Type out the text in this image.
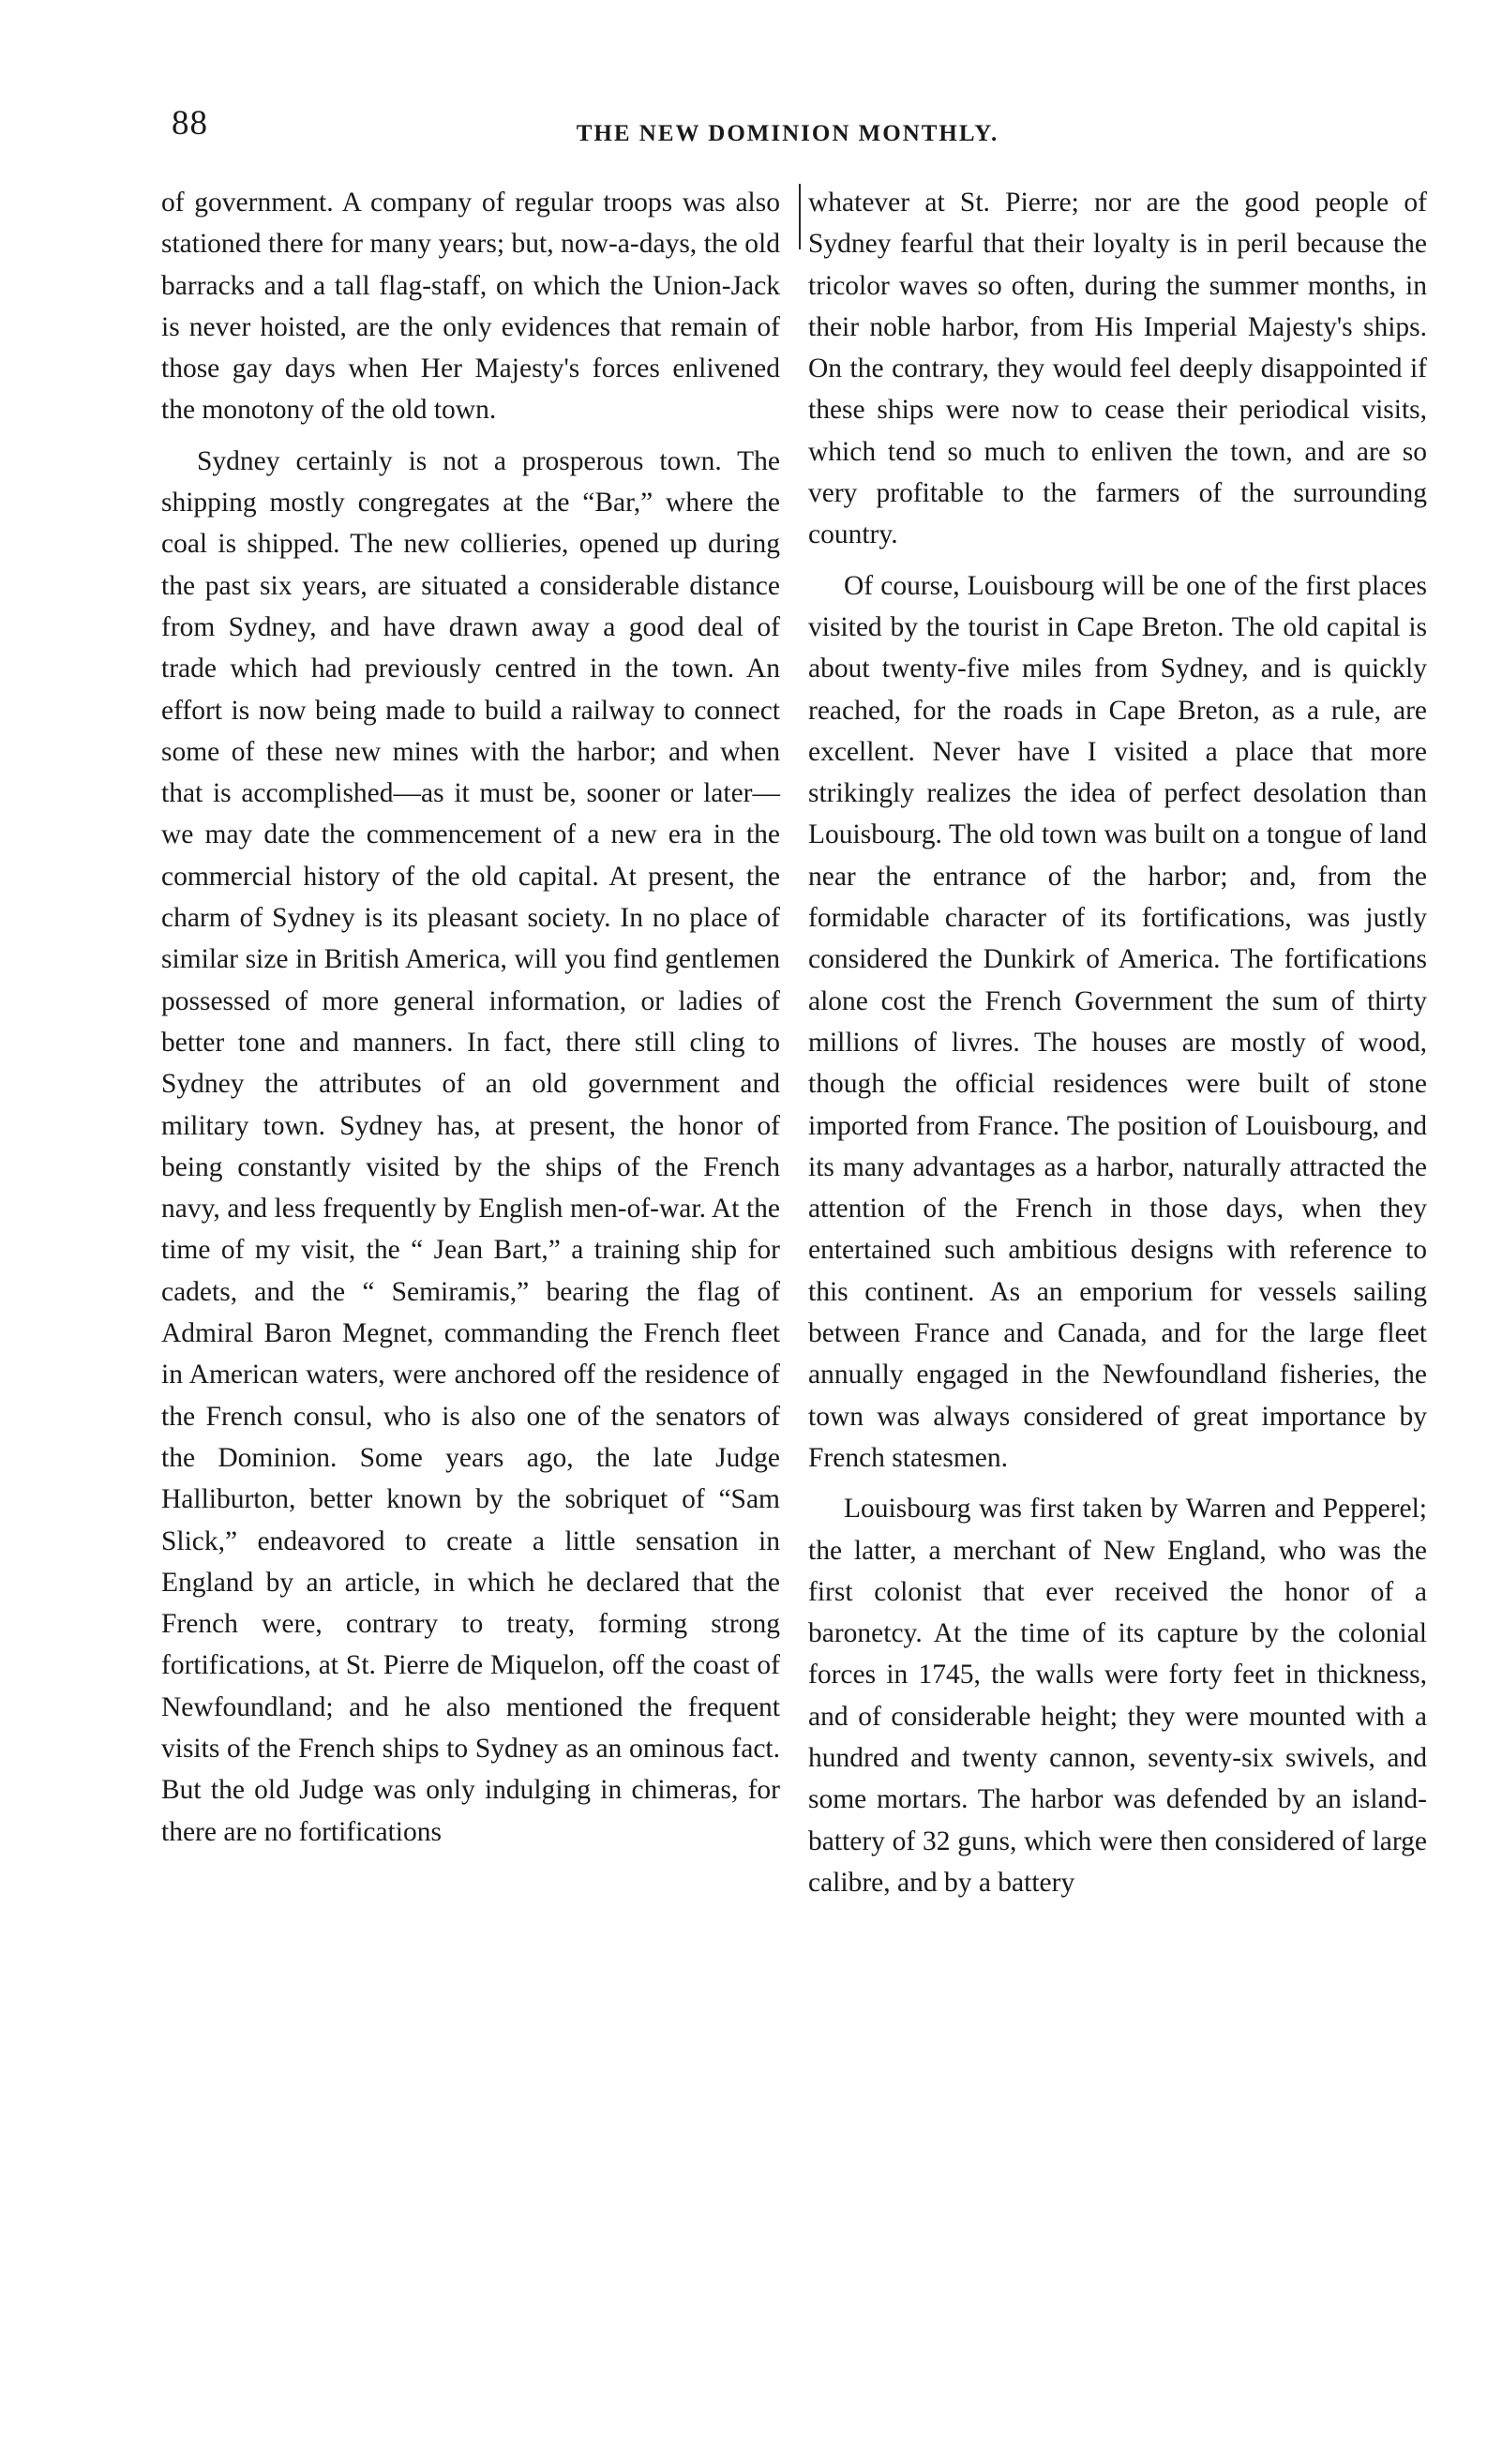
88	THE NEW DOMINION MONTHLY.

of government. A company of regular troops was also stationed there for many years; but, now-a-days, the old barracks and a tall flag-staff, on which the Union-Jack is never hoisted, are the only evidences that remain of those gay days when Her Majesty's forces enlivened the monotony of the old town.

Sydney certainly is not a prosperous town. The shipping mostly congregates at the “Bar,” where the coal is shipped. The new collieries, opened up during the past six years, are situated a considerable distance from Sydney, and have drawn away a good deal of trade which had previously centred in the town. An effort is now being made to build a railway to connect some of these new mines with the harbor; and when that is accomplished—as it must be, sooner or later—we may date the commencement of a new era in the commercial history of the old capital. At present, the charm of Sydney is its pleasant society. In no place of similar size in British America, will you find gentlemen possessed of more general information, or ladies of better tone and manners. In fact, there still cling to Sydney the attributes of an old government and military town. Sydney has, at present, the honor of being constantly visited by the ships of the French navy, and less frequently by English men-of-war. At the time of my visit, the “ Jean Bart,” a training ship for cadets, and the “ Semiramis,” bearing the flag of Admiral Baron Megnet, commanding the French fleet in American waters, were anchored off the residence of the French consul, who is also one of the senators of the Dominion. Some years ago, the late Judge Halliburton, better known by the sobriquet of “Sam Slick,” endeavored to create a little sensation in England by an article, in which he declared that the French were, contrary to treaty, forming strong fortifications, at St. Pierre de Miquelon, off the coast of Newfoundland; and he also mentioned the frequent visits of the French ships to Sydney as an ominous fact. But the old Judge was only indulging in chimeras, for there are no fortifications

whatever at St. Pierre; nor are the good people of Sydney fearful that their loyalty is in peril because the tricolor waves so often, during the summer months, in their noble harbor, from His Imperial Majesty's ships. On the contrary, they would feel deeply disappointed if these ships were now to cease their periodical visits, which tend so much to enliven the town, and are so very profitable to the farmers of the surrounding country.

Of course, Louisbourg will be one of the first places visited by the tourist in Cape Breton. The old capital is about twenty-five miles from Sydney, and is quickly reached, for the roads in Cape Breton, as a rule, are excellent. Never have I visited a place that more strikingly realizes the idea of perfect desolation than Louisbourg. The old town was built on a tongue of land near the entrance of the harbor; and, from the formidable character of its fortifications, was justly considered the Dunkirk of America. The fortifications alone cost the French Government the sum of thirty millions of livres. The houses are mostly of wood, though the official residences were built of stone imported from France. The position of Louisbourg, and its many advantages as a harbor, naturally attracted the attention of the French in those days, when they entertained such ambitious designs with reference to this continent. As an emporium for vessels sailing between France and Canada, and for the large fleet annually engaged in the Newfoundland fisheries, the town was always considered of great importance by French statesmen.

Louisbourg was first taken by Warren and Pepperel; the latter, a merchant of New England, who was the first colonist that ever received the honor of a baronetcy. At the time of its capture by the colonial forces in 1745, the walls were forty feet in thickness, and of considerable height; they were mounted with a hundred and twenty cannon, seventy-six swivels, and some mortars. The harbor was defended by an island-battery of 32 guns, which were then considered of large calibre, and by a battery
